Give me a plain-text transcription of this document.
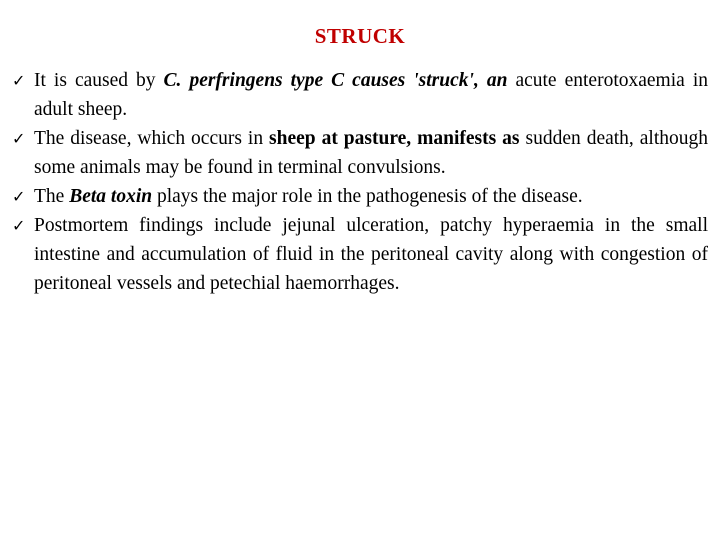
STRUCK
✓ It is caused by C. perfringens type C causes 'struck', an acute enterotoxaemia in adult sheep.
✓ The disease, which occurs in sheep at pasture, manifests as sudden death, although some animals may be found in terminal convulsions.
✓ The Beta toxin plays the major role in the pathogenesis of the disease.
✓ Postmortem findings include jejunal ulceration, patchy hyperaemia in the small intestine and accumulation of fluid in the peritoneal cavity along with congestion of peritoneal vessels and petechial haemorrhages.
